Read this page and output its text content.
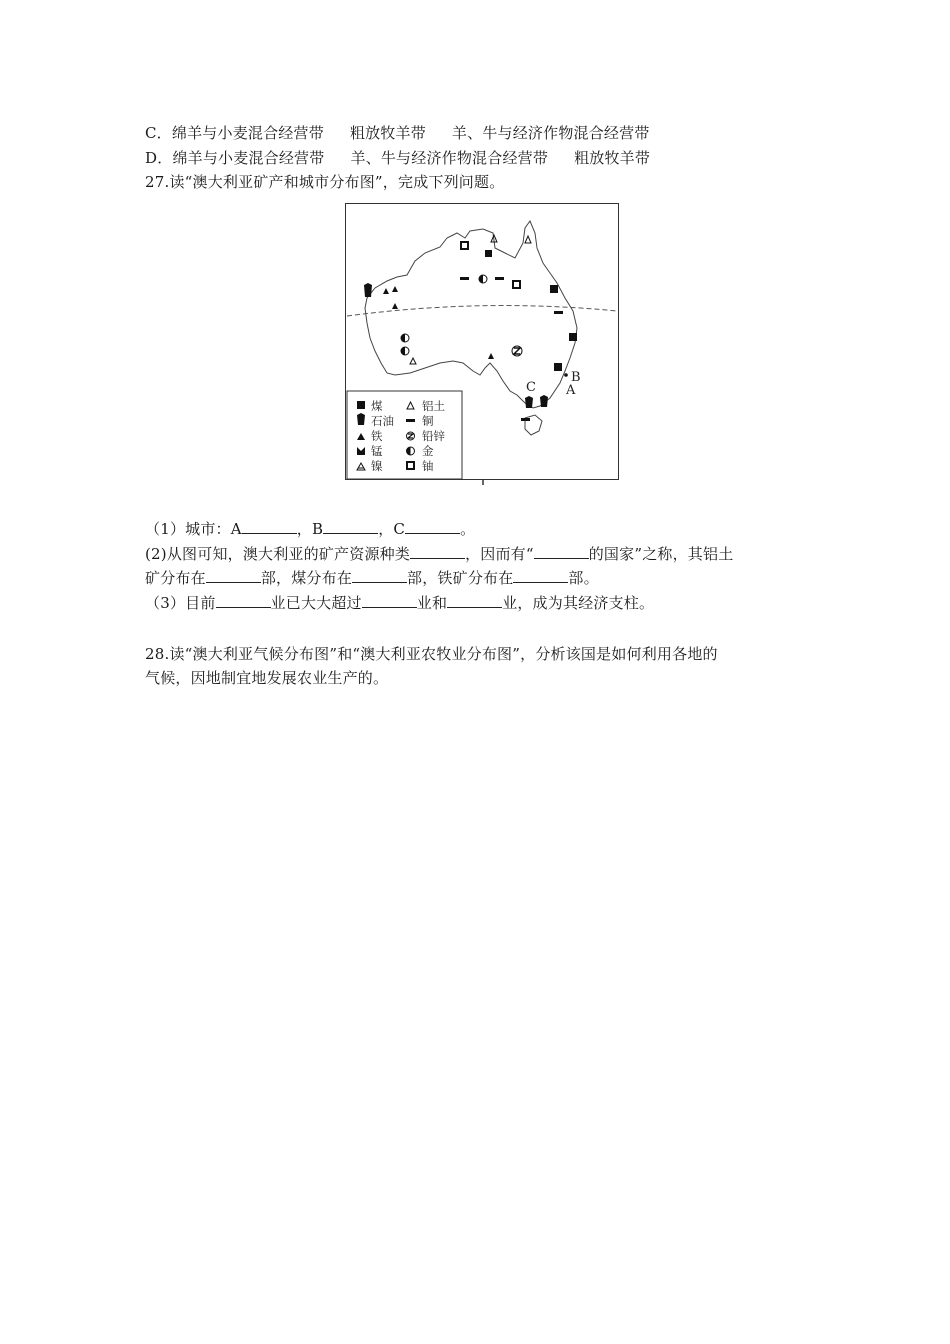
C．绵羊与小麦混合经营带 粗放牧羊带 羊、牛与经济作物混合经营带
D．绵羊与小麦混合经营带 羊、牛与经济作物混合经营带 粗放牧羊带
27.读“澳大利亚矿产和城市分布图”，完成下列问题。
A
B
C
煤	铝土
石油 铜
铁	铅锌
锰	金
镍	铀
（1）城市：A	，B	，C	。
(2)从图可知，澳大利亚的矿产资源种类	，因而有“	的国家”之称，其铝土
矿分布在	部，煤分布在	部，铁矿分布在	部。
（3）目前	业已大大超过	业和	业，成为其经济支柱。
28.读“澳大利亚气候分布图”和“澳大利亚农牧业分布图”，分析该国是如何利用各地的
气候，因地制宜地发展农业生产的。
